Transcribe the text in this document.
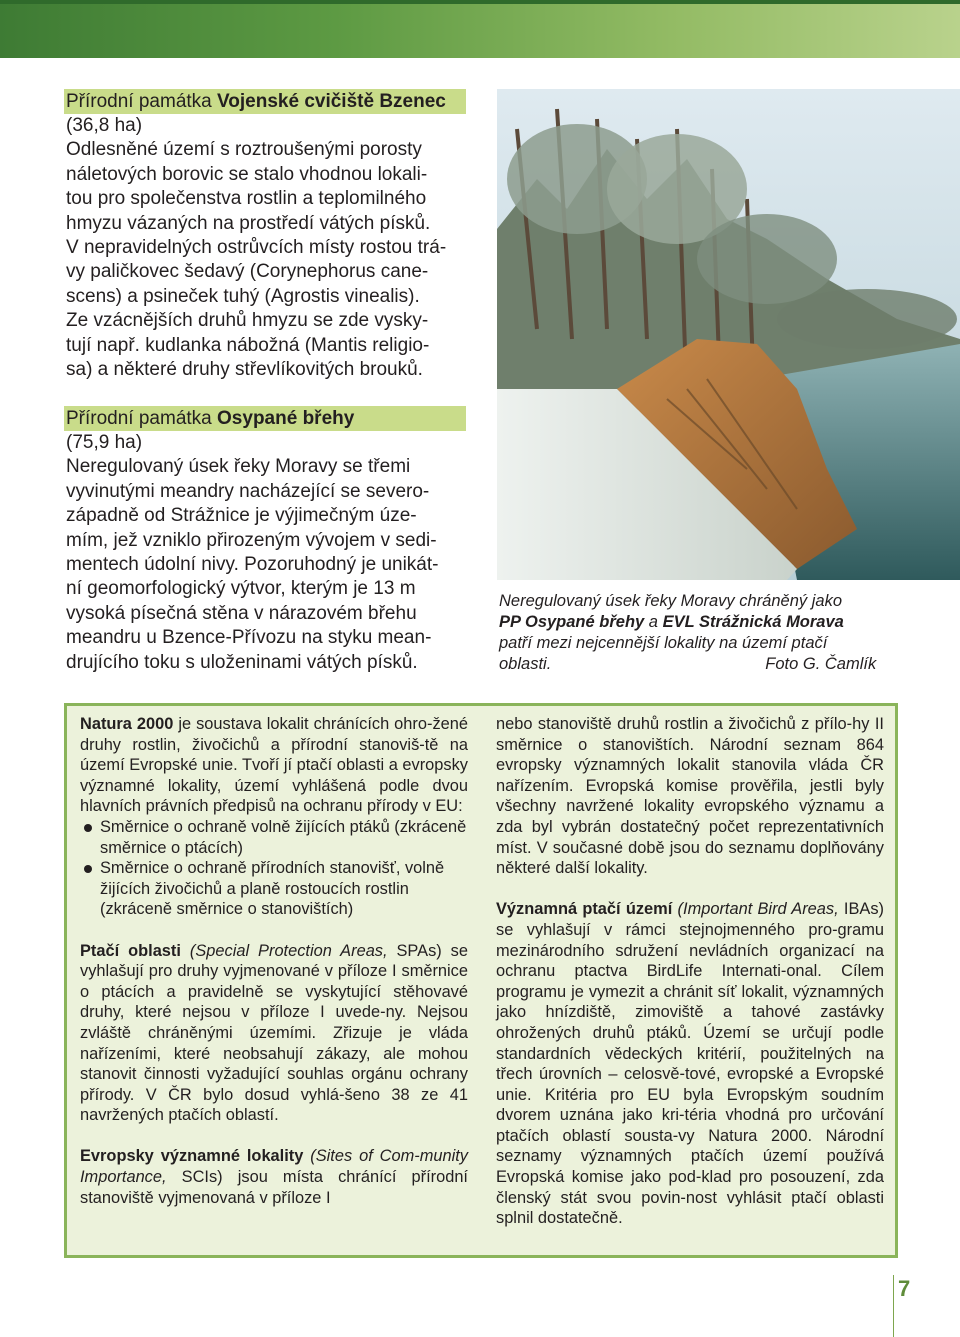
Přírodní památka Vojenské cvičiště Bzenec
(36,8 ha)
Odlesněné území s roztroušenými porosty
náletových borovic se stalo vhodnou lokali-
tou pro společenstva rostlin a teplomilného
hmyzu vázaných na prostředí vátých písků.
V nepravidelných ostrůvcích místy rostou trá-
vy paličkovec šedavý (Corynephorus cane-
scens) a psineček tuhý (Agrostis vinealis).
Ze vzácnějších druhů hmyzu se zde vysky-
tují např. kudlanka nábožná (Mantis religio-
sa) a některé druhy střevlíkovitých brouků.
Přírodní památka Osypané břehy
(75,9 ha)
Neregulovaný úsek řeky Moravy se třemi
vyvinutými meandry nacházející se severo-
západně od Strážnice je výjimečným úze-
mím, jež vzniklo přirozeným vývojem v sedi-
mentech údolní nivy. Pozoruhodný je unikát-
ní geomorfologický výtvor, kterým je 13 m
vysoká písečná stěna v nárazovém břehu
meandru u Bzence-Přívozu na styku mean-
drujícího toku s uloženinami vátých písků.
Neregulovaný úsek řeky Moravy chráněný jako
PP Osypané břehy a EVL Strážnická Morava
patří mezi nejcennější lokality na území ptačí
oblasti.	Foto G. Čamlík

Natura 2000 je soustava lokalit chránících ohro-žené druhy rostlin, živočichů a přírodní stanoviš-tě na území Evropské unie. Tvoří jí ptačí oblasti a evropsky významné lokality, území vyhlášená podle dvou hlavních právních předpisů na ochranu přírody v EU:

Směrnice o ochraně volně žijících ptáků (zkráceně směrnice o ptácích)
Směrnice o ochraně přírodních stanovišť, volně žijících živočichů a planě rostoucích rostlin (zkráceně směrnice o stanovištích)

Ptačí oblasti (Special Protection Areas, SPAs) se vyhlašují pro druhy vyjmenované v příloze I směrnice o ptácích a pravidelně se vyskytující stěhovavé druhy, které nejsou v příloze I uvede-ny. Nejsou zvláště chráněnými územími. Zřizuje je vláda nařízeními, které neobsahují zákazy, ale mohou stanovit činnosti vyžadující souhlas orgánu ochrany přírody. V ČR bylo dosud vyhlá-šeno 38 ze 41 navržených ptačích oblastí.

Evropsky významné lokality (Sites of Com-munity Importance, SCIs) jsou místa chránící přírodní stanoviště vyjmenovaná v příloze I

nebo stanoviště druhů rostlin a živočichů z přílo-hy II směrnice o stanovištích. Národní seznam 864 evropsky významných lokalit stanovila vláda ČR nařízením. Evropská komise prověřila, jestli byly všechny navržené lokality evropského významu a zda byl vybrán dostatečný počet reprezentativních míst. V současné době jsou do seznamu doplňovány některé další lokality.

Významná ptačí území (Important Bird Areas, IBAs) se vyhlašují v rámci stejnojmenného pro-gramu mezinárodního sdružení nevládních organizací na ochranu ptactva BirdLife Internati-onal. Cílem programu je vymezit a chránit síť lokalit, významných jako hnízdiště, zimoviště a tahové zastávky ohrožených druhů ptáků. Území se určují podle standardních vědeckých kritérií, použitelných na třech úrovních – celosvě-tové, evropské a Evropské unie. Kritéria pro EU byla Evropským soudním dvorem uznána jako kri-téria vhodná pro určování ptačích oblastí sousta-vy Natura 2000. Národní seznamy významných ptačích území používá Evropská komise jako pod-klad pro posouzení, zda členský stát svou povin-nost vyhlásit ptačí oblasti splnil dostatečně.

7
